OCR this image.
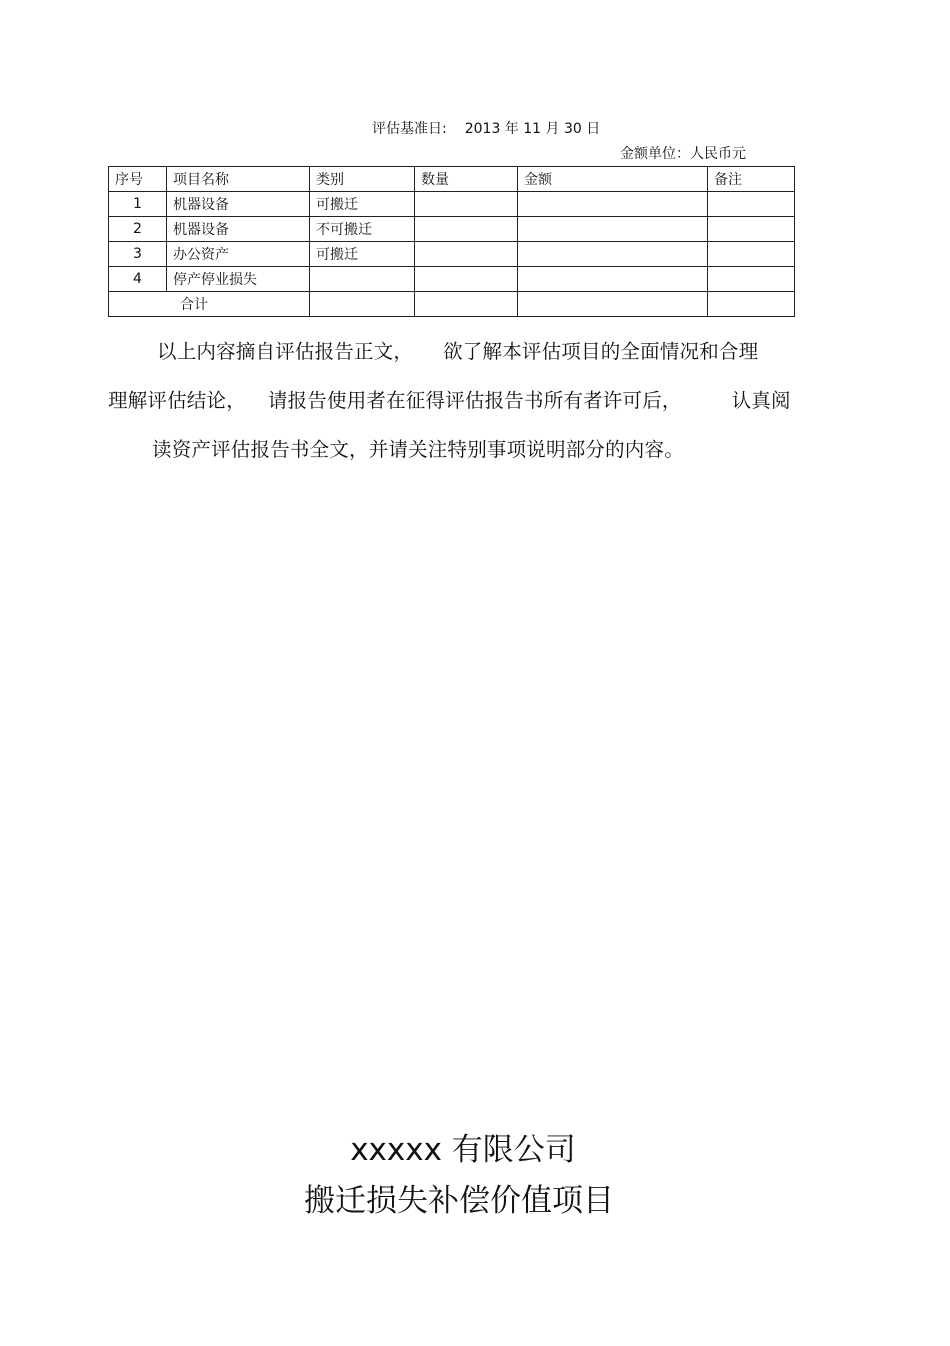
评估基准日: 2013 年 11 月 30 日
金额单位：人民币元
序号	项目名称	类别	数量	金额	备注
1	机器设备	可搬迁			
2	机器设备	不可搬迁			
3	办公资产	可搬迁			
4	停产停业损失				
合计					
以上内容摘自评估报告正文， 欲了解本评估项目的全面情况和合理
理解评估结论， 请报告使用者在征得评估报告书所有者许可后，	认真阅
读资产评估报告书全文，并请关注特别事项说明部分的内容。
xxxxx 有限公司
搬迁损失补偿价值项目
